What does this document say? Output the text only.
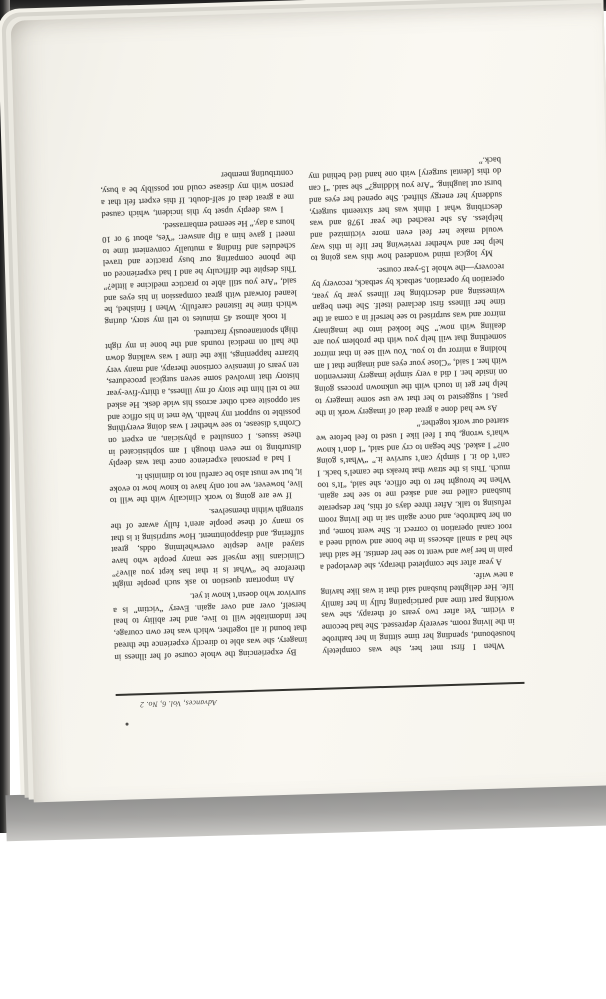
Advances, Vol. 6, No. 2

When I first met her, she was completely housebound, spending her time sitting in her bathrobe in the living room, severely depressed. She had become a victim. Yet after two years of therapy, she was working part time and participating fully in her family life. Her delighted husband said that it was like having a new wife.

A year after she completed therapy, she developed a pain in her jaw and went to see her dentist. He said that she had a small abscess in the bone and would need a root canal operation to correct it. She went home, put on her bathrobe, and once again sat in the living room refusing to talk. After three days of this, her desperate husband called me and asked me to see her again. When he brought her to the office, she said, “It’s too much. This is the straw that breaks the camel’s back. I can’t do it. I simply can’t survive it.” “What’s going on?” I asked. She began to cry and said, “I don’t know what’s wrong, but I feel like I used to feel before we started our work together.”

As we had done a great deal of imagery work in the past, I suggested to her that we use some imagery to help her get in touch with the unknown process going on inside her. I did a very simple imagery intervention with her. I said, “Close your eyes and imagine that I am holding a mirror up to you. You will see in that mirror something that will help you with the problem you are dealing with now.” She looked into the imaginary mirror and was surprised to see herself in a coma at the time her illness first declared itself. She then began witnessing and describing her illness year by year, operation by operation, setback by setback, recovery by recovery—the whole 15-year course.

My logical mind wondered how this was going to help her and whether reviewing her life in this way would make her feel even more victimized and helpless. As she reached the year 1978 and was describing what I think was her sixteenth surgery, suddenly her energy shifted. She opened her eyes and burst out laughing. “Are you kidding?” she said. “I can do this [dental surgery] with one hand tied behind my back.”

By experiencing the whole course of her illness in imagery, she was able to directly experience the thread that bound it all together, which was her own courage, her indomitable will to live, and her ability to heal herself, over and over again. Every “victim” is a survivor who doesn’t know it yet.

An important question to ask such people might therefore be “What is it that has kept you alive?” Clinicians like myself see many people who have stayed alive despite overwhelming odds, great suffering, and disappointment. How surprising it is that so many of these people aren’t fully aware of the strength within themselves.

If we are going to work clinically with the will to live, however, we not only have to know how to evoke it, but we must also be careful not to diminish it.

I had a personal experience once that was deeply disturbing to me even though I am sophisticated in these issues. I consulted a physician, an expert on Crohn’s disease, to see whether I was doing everything possible to support my health. We met in his office and sat opposite each other across his wide desk. He asked me to tell him the story of my illness, a thirty-five-year history that involved some seven surgical procedures, ten years of intensive cortisone therapy, and many very bizarre happenings, like the time I was walking down the hall on medical rounds and the bone in my right thigh spontaneously fractured.

It took almost 45 minutes to tell my story, during which time he listened carefully. When I finished, he leaned forward with great compassion in his eyes and said, “Are you still able to practice medicine a little?” This despite the difficulty he and I had experienced on the phone comparing our busy practice and travel schedules and finding a mutually convenient time to meet! I gave him a flip answer: “Yes, about 9 or 10 hours a day.” He seemed embarrassed.

I was deeply upset by this incident, which caused me a great deal of self-doubt. If this expert felt that a person with my disease could not possibly be a busy, contributing member
